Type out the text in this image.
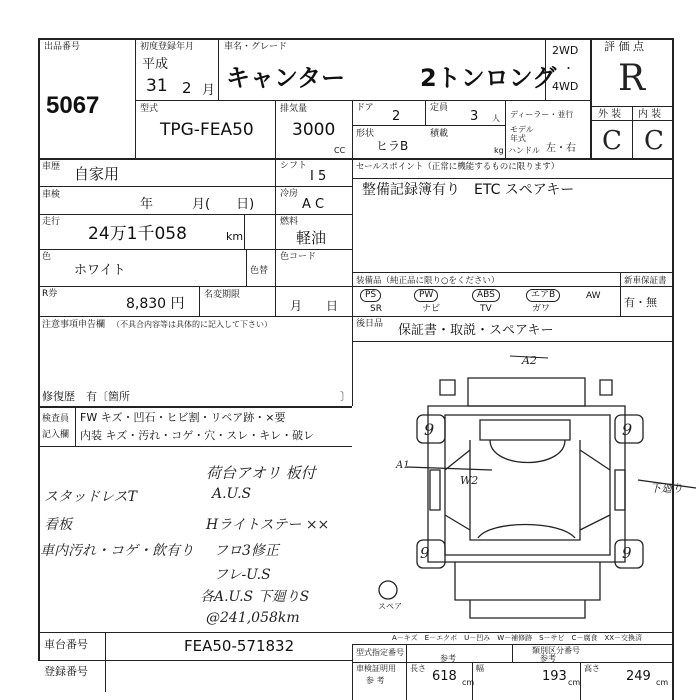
出品番号
5067
初度登録年月
平成
31 2 月
車名・グレード
キャンター	2トンロング
2WD
・
4WD
評 価 点
R
外 装 内 装
C C
型式
TPG-FEA50
排気量
3000
CC
ドア
2
定員
3 人 ディーラー・並行
形状
ヒラB
積載
kg
モデル
年式
ハンドル 左・右
車歴 自家用
車検
年　　　月(　　日)
走行
24万1千058	km
シフト
I 5
冷房
A C
燃料
軽油
色
ホワイト	色替
色コード
R券
8,830 円
名変期限
月　　日
セールスポイント（正常に機能するものに限ります）
整備記録簿有り　ETC スペアキー
装備品（純正品に限り○をください）	新車保証書
有・無
PS	PW	ABS	エアB	AW
SR	ナビ	TV	ガワ
後日品 保証書・取説・スペアキー
注意事項申告欄 （不具合内容等は具体的に記入して下さい）
修復歴　有〔箇所	〕
検査員
記入欄
FW キズ・凹石・ヒビ割・リペア跡・×要
内装 キズ・汚れ・コゲ・穴・スレ・キレ・破レ
荷台アオリ 板付
スタッドレスT	A.U.S
看板	Hライトステー ××
車内汚れ・コゲ・飲有り フロ3修正
フレ-U.S
各A.U.S 下廻りS
@241,058km
9	9
9	9
スペア
A2
A1
W2
下廻り
A－キズ　E－エクボ　U－凹み　W－補修跡　S－サビ　C－腐食　XX－交換済
車台番号	FEA50-571832
登録番号
型式指定番号	類別区分番号
参考	参考
車検証明用
参 考
長さ
618 cm
幅
193 cm
高さ
249 cm
